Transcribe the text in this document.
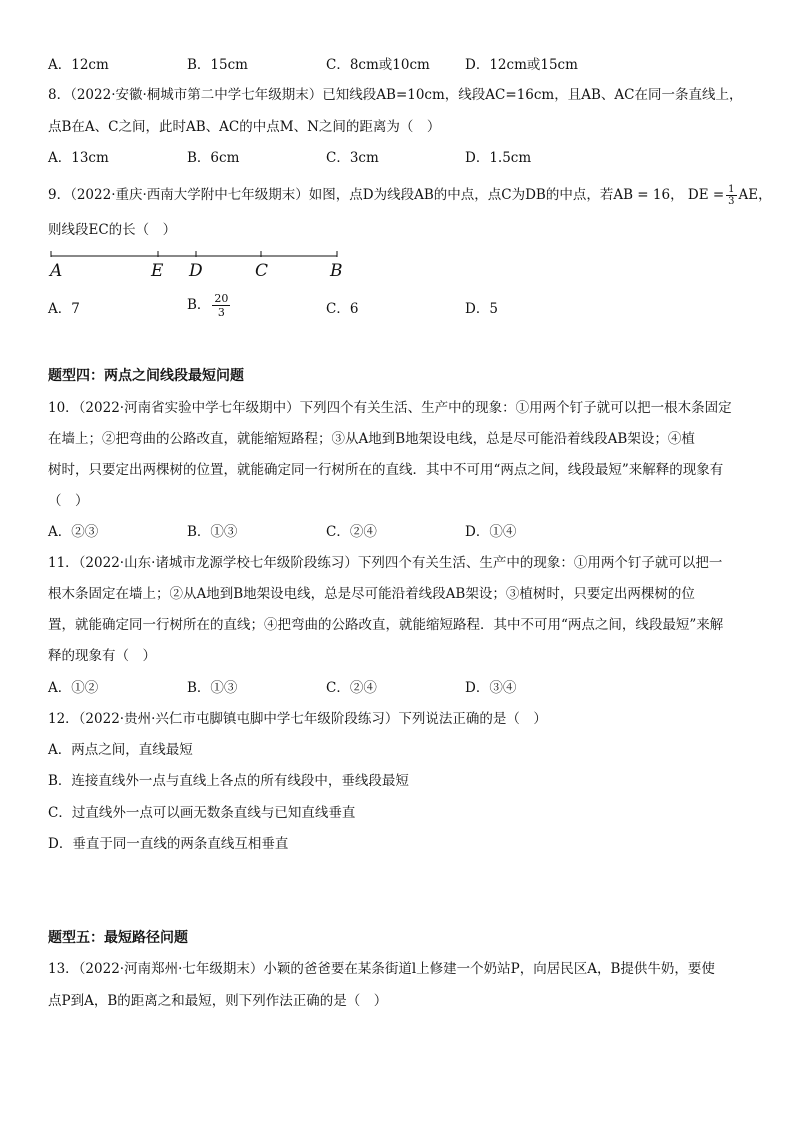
A．12cm	B．15cm	C．8cm或10cm	D．12cm或15cm
8．（2022·安徽·桐城市第二中学七年级期末）已知线段AB=10cm，线段AC=16cm，且AB、AC在同一条直线上，
点B在A、C之间，此时AB、AC的中点M、N之间的距离为（　）
A．13cm	B．6cm	C．3cm	D．1.5cm
9．（2022·重庆·西南大学附中七年级期末）如图，点D为线段AB的中点，点C为DB的中点，若AB = 16， DE = $\frac{1}{3}$ AE，
则线段EC的长（　）
A	E D	C	B
A．7	B． $\frac{20}{3}$	C．6	D．5
题型四：两点之间线段最短问题
10．（2022·河南省实验中学七年级期中）下列四个有关生活、生产中的现象：①用两个钉子就可以把一根木条固定
在墙上；②把弯曲的公路改直，就能缩短路程；③从A地到B地架设电线，总是尽可能沿着线段AB架设；④植
树时，只要定出两棵树的位置，就能确定同一行树所在的直线．其中不可用“两点之间，线段最短”来解释的现象有
（　）
A．②③	B．①③	C．②④	D．①④
11．（2022·山东·诸城市龙源学校七年级阶段练习）下列四个有关生活、生产中的现象：①用两个钉子就可以把一
根木条固定在墙上；②从A地到B地架设电线，总是尽可能沿着线段AB架设；③植树时，只要定出两棵树的位
置，就能确定同一行树所在的直线；④把弯曲的公路改直，就能缩短路程．其中不可用“两点之间，线段最短”来解
释的现象有（　）
A．①②	B．①③	C．②④	D．③④
12．（2022·贵州·兴仁市屯脚镇屯脚中学七年级阶段练习）下列说法正确的是（　）
A．两点之间，直线最短
B．连接直线外一点与直线上各点的所有线段中，垂线段最短
C．过直线外一点可以画无数条直线与已知直线垂直
D．垂直于同一直线的两条直线互相垂直
题型五：最短路径问题
13．（2022·河南郑州·七年级期末）小颖的爸爸要在某条街道l上修建一个奶站P，向居民区A，B提供牛奶，要使
点P到A，B的距离之和最短，则下列作法正确的是（　）
